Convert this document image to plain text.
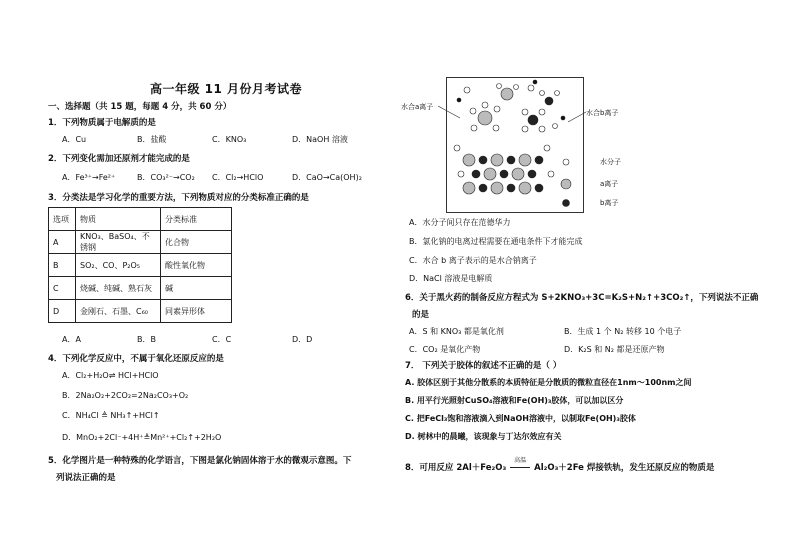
高一年级 11 月份月考试卷
一、选择题（共 15 题，每题 4 分，共 60 分）
1．下列物质属于电解质的是
A．Cu	B．盐酸	C．KNO₃	D．NaOH 溶液
2．下列变化需加还原剂才能完成的是
A．Fe³⁺→Fe²⁺	B．CO₃²⁻→CO₂ C．Cl₂→HClO	D．CaO→Ca(OH)₂
3．分类法是学习化学的重要方法，下列物质对应的分类标准正确的是
选项	物质	分类标准
A	KNO₃、BaSO₄、不锈钢	化合物
B	SO₂、CO、P₂O₅	酸性氧化物
C	烧碱、纯碱、熟石灰	碱
D	金刚石、石墨、C₆₀	同素异形体
A．A	B．B	C．C	D．D
4．下列化学反应中，不属于氧化还原反应的是
A．Cl₂+H₂O⇌ HCl+HClO
B．2Na₂O₂+2CO₂=2Na₂CO₃+O₂
C．NH₄Cl ≜ NH₃↑+HCl↑
D．MnO₂+2Cl⁻+4H⁺≜Mn²⁺+Cl₂↑+2H₂O
5．化学图片是一种特殊的化学语言，下图是氯化钠固体溶于水的微观示意图。下
列说法正确的是
水合a离子
水合b离子
水分子
a离子
b离子
A．水分子间只存在范德华力
B．氯化钠的电离过程需要在通电条件下才能完成
C．水合 b 离子表示的是水合钠离子
D．NaCl 溶液是电解质
6．关于黑火药的制备反应方程式为 S+2KNO₃+3C=K₂S+N₂↑+3CO₂↑，下列说法不正确
的是
A．S 和 KNO₃ 都是氧化剂	B．生成 1 个 N₂ 转移 10 个电子
C．CO₂ 是氧化产物	D．K₂S 和 N₂ 都是还原产物
7． 下列关于胶体的叙述不正确的是（ ）
A. 胶体区别于其他分散系的本质特征是分散质的微粒直径在1nm～100nm之间
B. 用平行光照射CuSO₄溶液和Fe(OH)₃胶体，可以加以区分
C. 把FeCl₃饱和溶液滴入到NaOH溶液中，以制取Fe(OH)₃胶体
D. 树林中的晨曦，该现象与丁达尔效应有关
8．可用反应 2Al＋Fe₂O₃
高温
Al₂O₃＋2Fe 焊接铁轨，发生还原反应的物质是
